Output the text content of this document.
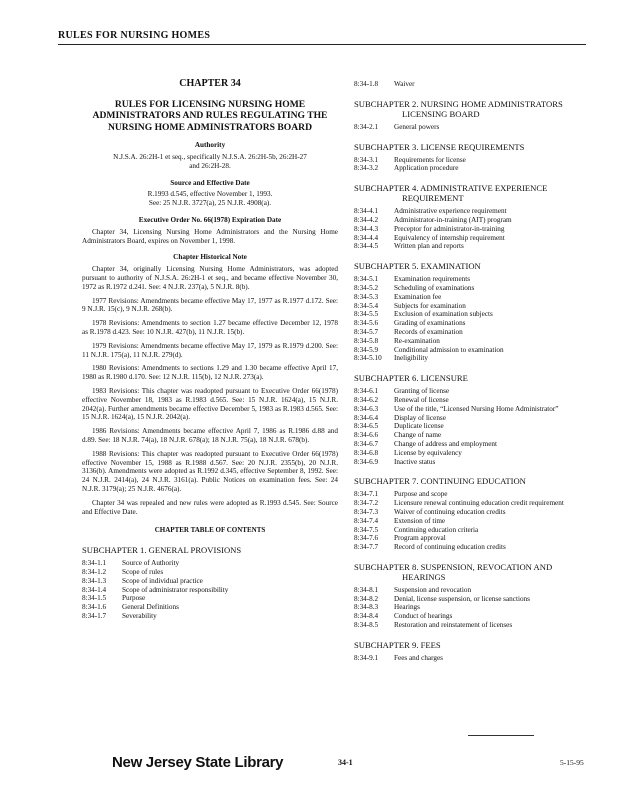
RULES FOR NURSING HOMES
CHAPTER 34
RULES FOR LICENSING NURSING HOME ADMINISTRATORS AND RULES REGULATING THE NURSING HOME ADMINISTRATORS BOARD
Authority
N.J.S.A. 26:2H-1 et seq., specifically N.J.S.A. 26:2H-5b, 26:2H-27 and 26:2H-28.
Source and Effective Date
R.1993 d.545, effective November 1, 1993.
See: 25 N.J.R. 3727(a), 25 N.J.R. 4908(a).
Executive Order No. 66(1978) Expiration Date

Chapter 34, Licensing Nursing Home Administrators and the Nursing Home Administrators Board, expires on November 1, 1998.

Chapter Historical Note

Chapter 34, originally Licensing Nursing Home Administrators, was adopted pursuant to authority of N.J.S.A. 26:2H-1 et seq., and became effective November 30, 1972 as R.1972 d.241. See: 4 N.J.R. 237(a), 5 N.J.R. 8(b).

1977 Revisions: Amendments became effective May 17, 1977 as R.1977 d.172. See: 9 N.J.R. 15(c), 9 N.J.R. 268(b).

1978 Revisions: Amendments to section 1.27 became effective December 12, 1978 as R.1978 d.423. See: 10 N.J.R. 427(b), 11 N.J.R. 15(b).

1979 Revisions: Amendments became effective May 17, 1979 as R.1979 d.200. See: 11 N.J.R. 175(a), 11 N.J.R. 279(d).

1980 Revisions: Amendments to sections 1.29 and 1.30 became effective April 17, 1980 as R.1980 d.170. See: 12 N.J.R. 115(b), 12 N.J.R. 273(a).

1983 Revisions: This chapter was readopted pursuant to Executive Order 66(1978) effective November 18, 1983 as R.1983 d.565. See: 15 N.J.R. 1624(a), 15 N.J.R. 2042(a). Further amendments became effective December 5, 1983 as R.1983 d.565. See: 15 N.J.R. 1624(a), 15 N.J.R. 2042(a).

1986 Revisions: Amendments became effective April 7, 1986 as R.1986 d.88 and d.89. See: 18 N.J.R. 74(a), 18 N.J.R. 678(a); 18 N.J.R. 75(a), 18 N.J.R. 678(b).

1988 Revisions: This chapter was readopted pursuant to Executive Order 66(1978) effective November 15, 1988 as R.1988 d.567. See: 20 N.J.R. 2355(b), 20 N.J.R. 3136(b). Amendments were adopted as R.1992 d.345, effective September 8, 1992. See: 24 N.J.R. 2414(a), 24 N.J.R. 3161(a). Public Notices on examination fees. See: 24 N.J.R. 3179(a); 25 N.J.R. 4676(a).

Chapter 34 was repealed and new rules were adopted as R.1993 d.545. See: Source and Effective Date.

CHAPTER TABLE OF CONTENTS
SUBCHAPTER 1. GENERAL PROVISIONS
8:34-1.1	Source of Authority
8:34-1.2	Scope of rules
8:34-1.3	Scope of individual practice
8:34-1.4	Scope of administrator responsibility
8:34-1.5	Purpose
8:34-1.6	General Definitions
8:34-1.7	Severability
8:34-1.8	Waiver
SUBCHAPTER 2. NURSING HOME ADMINISTRATORS
LICENSING BOARD
8:34-2.1	General powers
SUBCHAPTER 3. LICENSE REQUIREMENTS
8:34-3.1	Requirements for license
8:34-3.2	Application procedure
SUBCHAPTER 4. ADMINISTRATIVE EXPERIENCE
REQUIREMENT
8:34-4.1	Administrative experience requirement
8:34-4.2	Administrator-in-training (AIT) program
8:34-4.3	Preceptor for administrator-in-training
8:34-4.4	Equivalency of internship requirement
8:34-4.5	Written plan and reports
SUBCHAPTER 5. EXAMINATION
8:34-5.1	Examination requirements
8:34-5.2	Scheduling of examinations
8:34-5.3	Examination fee
8:34-5.4	Subjects for examination
8:34-5.5	Exclusion of examination subjects
8:34-5.6	Grading of examinations
8:34-5.7	Records of examination
8:34-5.8	Re-examination
8:34-5.9	Conditional admission to examination
8:34-5.10	Ineligibility
SUBCHAPTER 6. LICENSURE
8:34-6.1	Granting of license
8:34-6.2	Renewal of license
8:34-6.3	Use of the title, “Licensed Nursing Home Administrator”
8:34-6.4	Display of license
8:34-6.5	Duplicate license
8:34-6.6	Change of name
8:34-6.7	Change of address and employment
8:34-6.8	License by equivalency
8:34-6.9	Inactive status
SUBCHAPTER 7. CONTINUING EDUCATION
8:34-7.1	Purpose and scope
8:34-7.2	Licensure renewal continuing education credit requirement
8:34-7.3	Waiver of continuing education credits
8:34-7.4	Extension of time
8:34-7.5	Continuing education criteria
8:34-7.6	Program approval
8:34-7.7	Record of continuing education credits
SUBCHAPTER 8. SUSPENSION, REVOCATION AND
HEARINGS
8:34-8.1	Suspension and revocation
8:34-8.2	Denial, license suspension, or license sanctions
8:34-8.3	Hearings
8:34-8.4	Conduct of hearings
8:34-8.5	Restoration and reinstatement of licenses
SUBCHAPTER 9. FEES
8:34-9.1	Fees and charges
New Jersey State Library	34-1	5-15-95
